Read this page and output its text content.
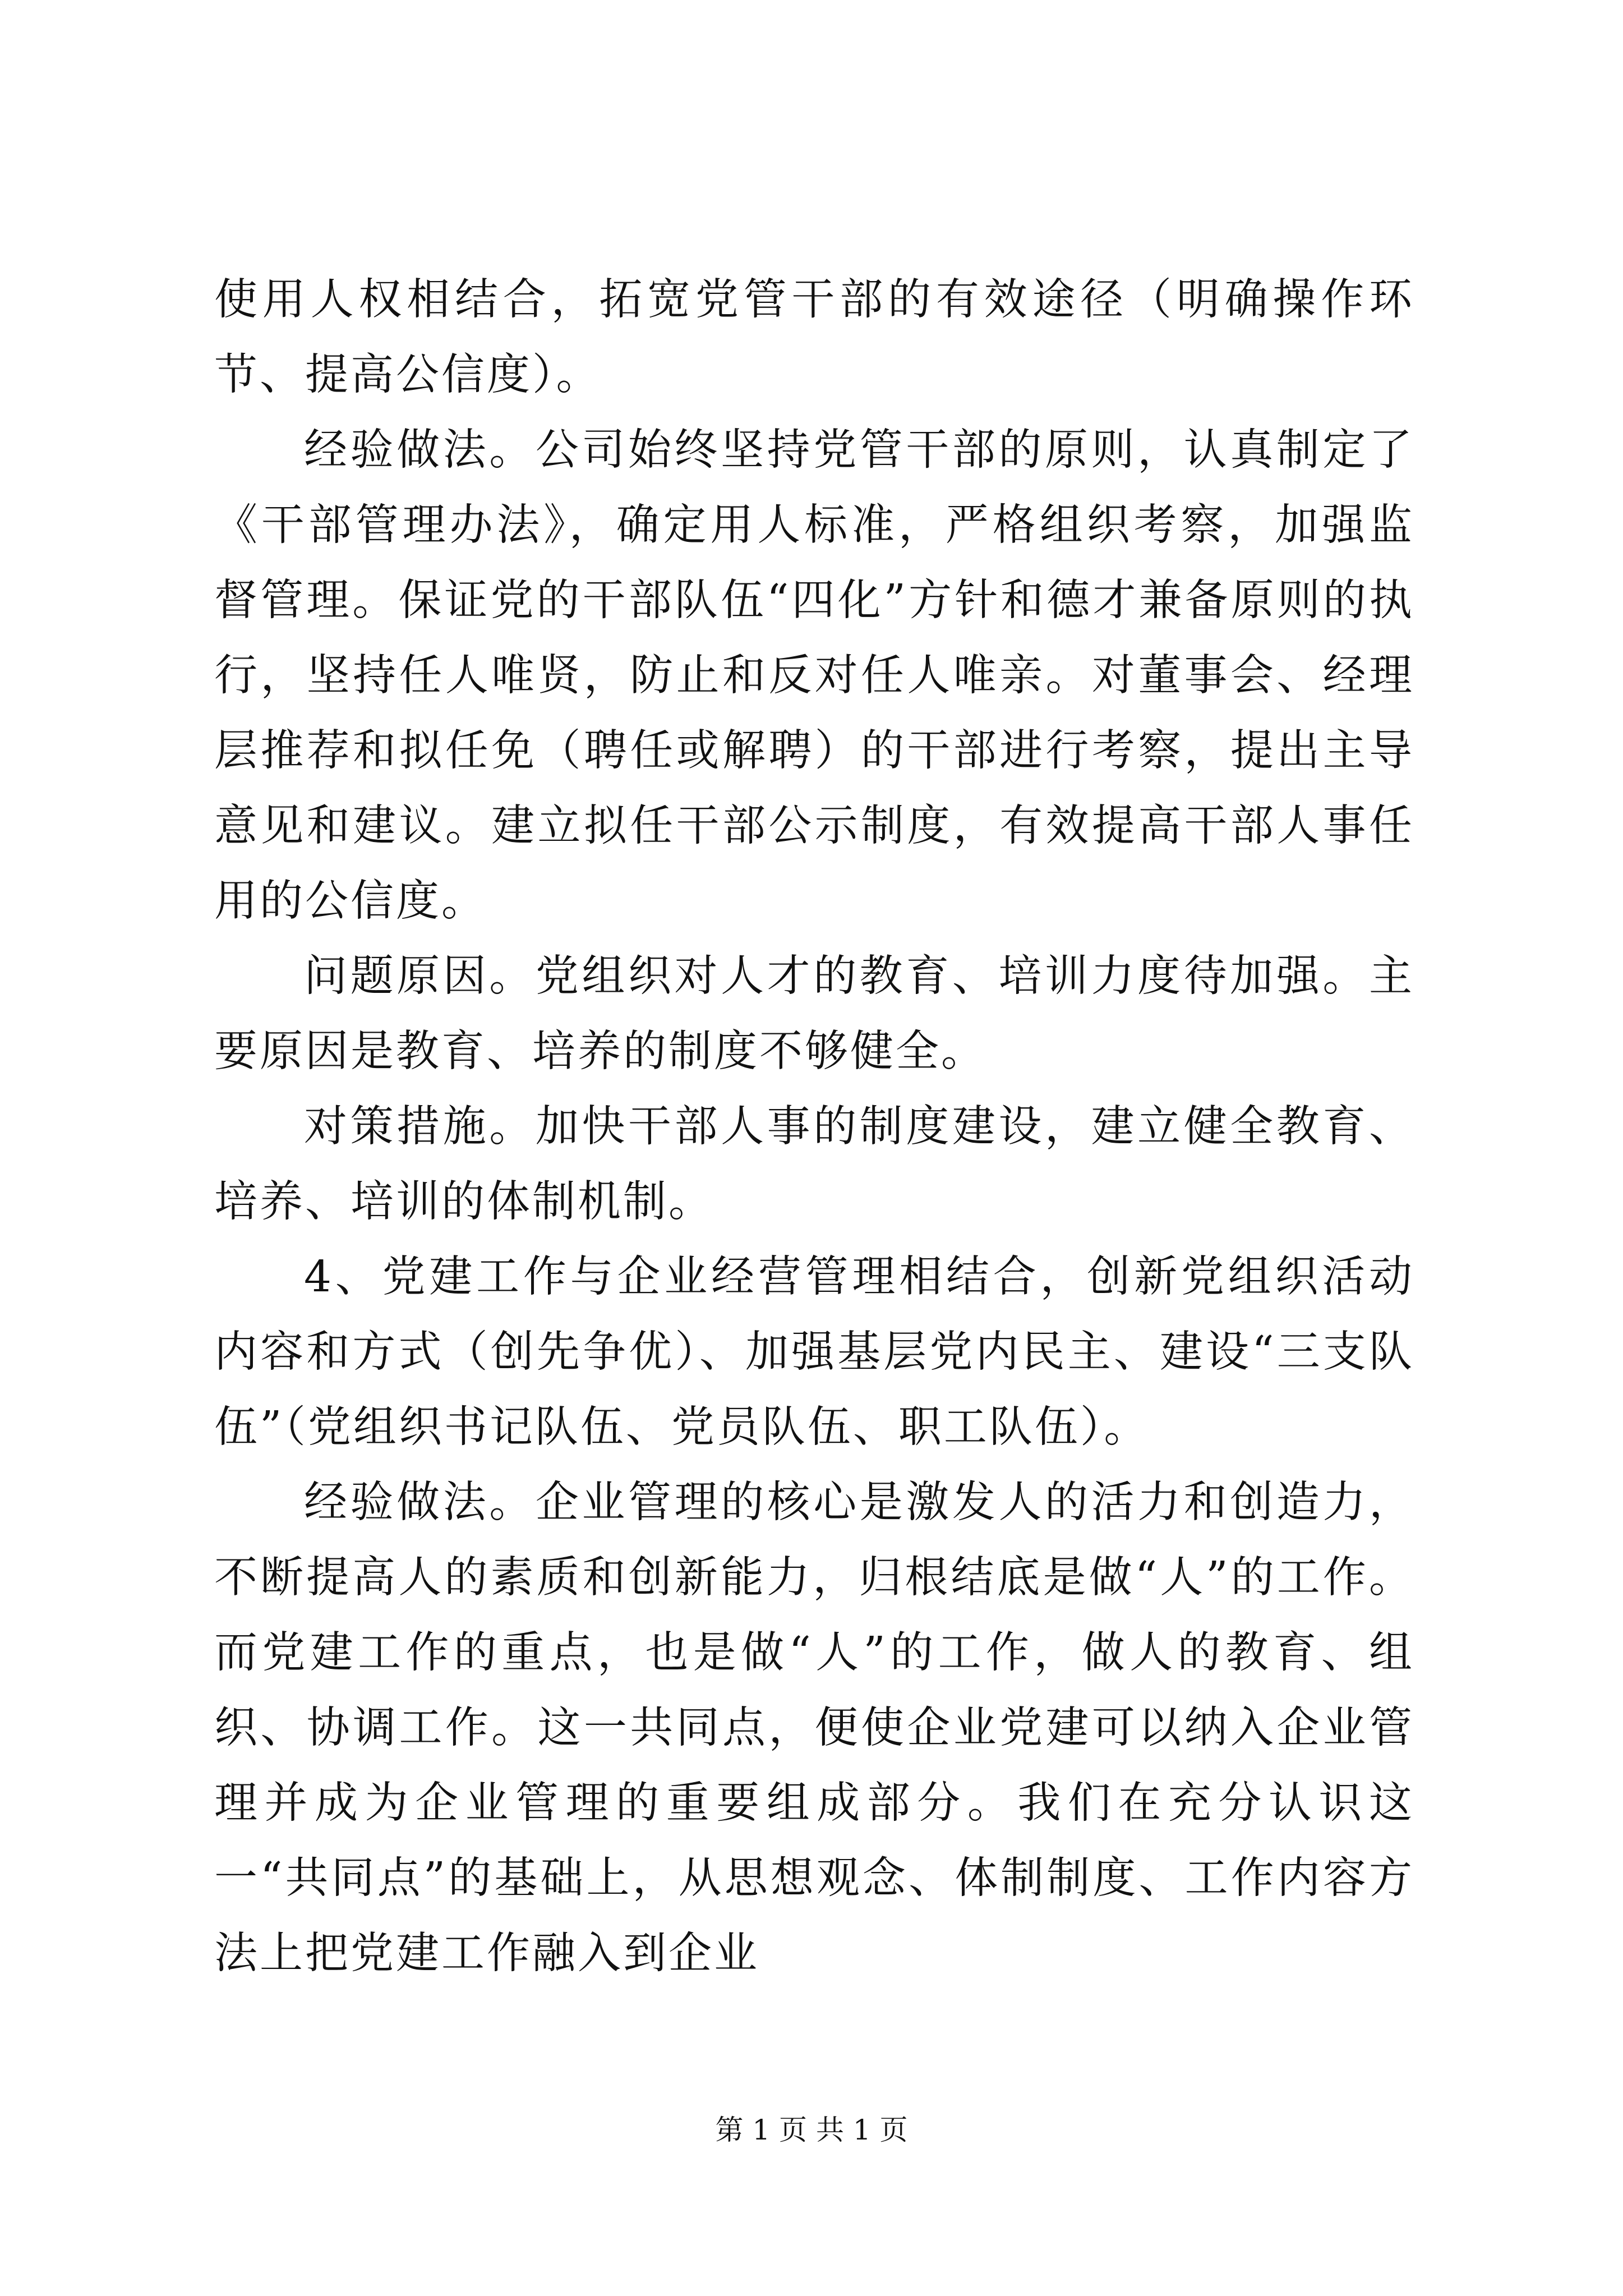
使用人权相结合，拓宽党管干部的有效途径（明确操作环节、提高公信度）。

经验做法。公司始终坚持党管干部的原则，认真制定了《干部管理办法》，确定用人标准，严格组织考察，加强监督管理。保证党的干部队伍“四化”方针和德才兼备原则的执行，坚持任人唯贤，防止和反对任人唯亲。对董事会、经理层推荐和拟任免（聘任或解聘）的干部进行考察，提出主导意见和建议。建立拟任干部公示制度，有效提高干部人事任用的公信度。

问题原因。党组织对人才的教育、培训力度待加强。主要原因是教育、培养的制度不够健全。

对策措施。加快干部人事的制度建设，建立健全教育、培养、培训的体制机制。

4、党建工作与企业经营管理相结合，创新党组织活动内容和方式（创先争优）、加强基层党内民主、建设“三支队伍”（党组织书记队伍、党员队伍、职工队伍）。

经验做法。企业管理的核心是激发人的活力和创造力，不断提高人的素质和创新能力，归根结底是做“人”的工作。而党建工作的重点，也是做“人”的工作，做人的教育、组织、协调工作。这一共同点，便使企业党建可以纳入企业管理并成为企业管理的重要组成部分。我们在充分认识这一“共同点”的基础上，从思想观念、体制制度、工作内容方法上把党建工作融入到企业

第 1 页 共 1 页
